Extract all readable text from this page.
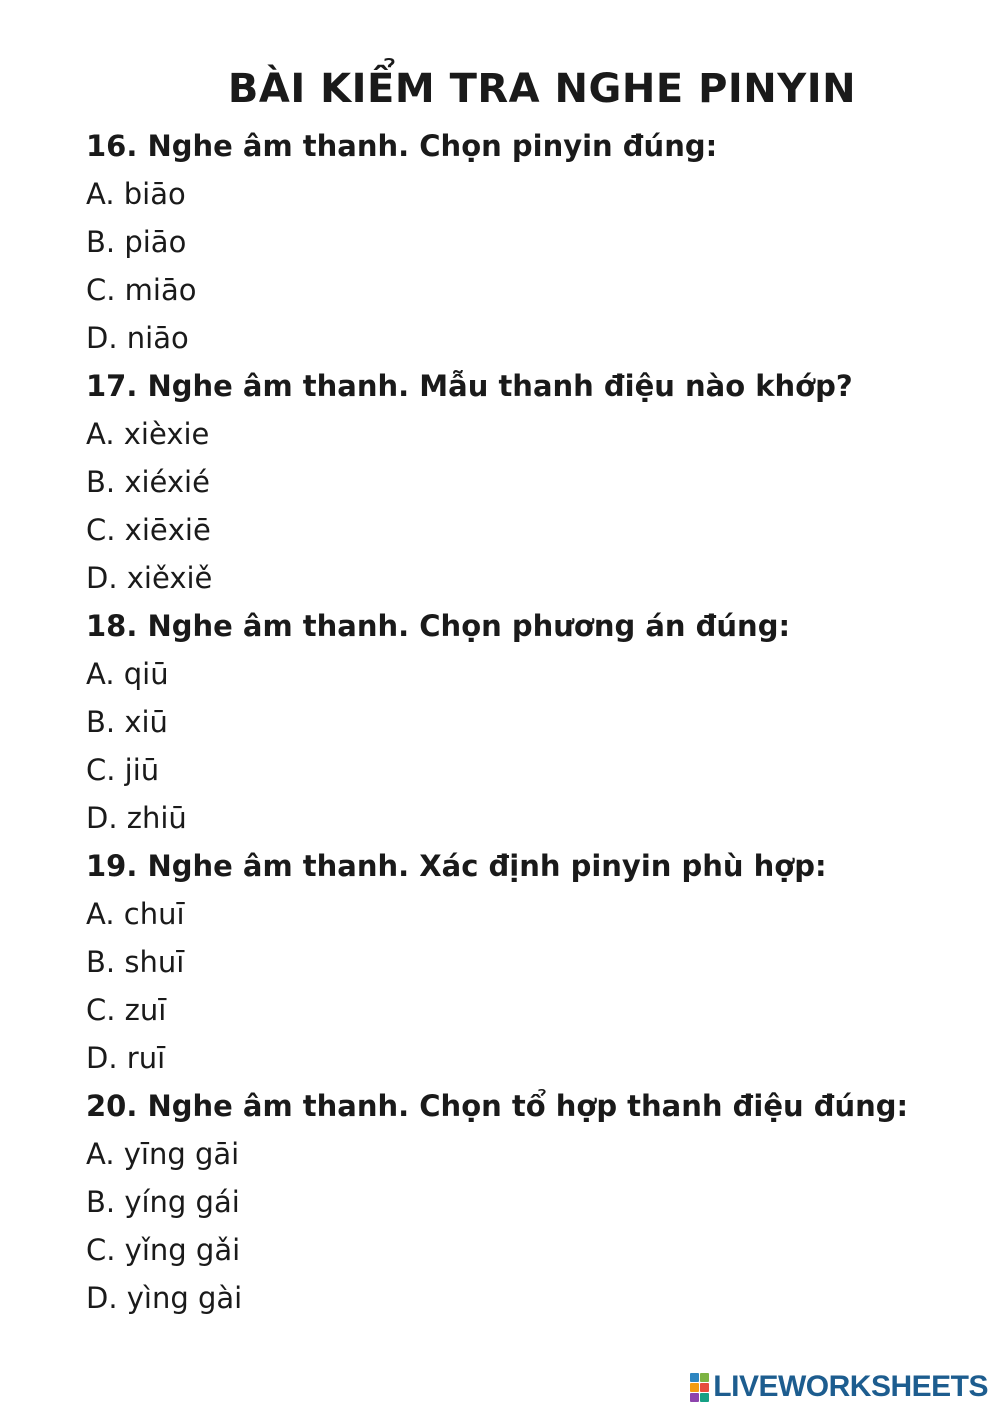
BÀI KIỂM TRA NGHE PINYIN
16. Nghe âm thanh. Chọn pinyin đúng:
A. biāo
B. piāo
C. miāo
D. niāo
17. Nghe âm thanh. Mẫu thanh điệu nào khớp?
A. xièxie
B. xiéxié
C. xiēxiē
D. xiěxiě
18. Nghe âm thanh. Chọn phương án đúng:
A. qiū
B. xiū
C. jiū
D. zhiū
19. Nghe âm thanh. Xác định pinyin phù hợp:
A. chuī
B. shuī
C. zuī
D. ruī
20. Nghe âm thanh. Chọn tổ hợp thanh điệu đúng:
A. yīng gāi
B. yíng gái
C. yǐng gǎi
D. yìng gài
LIVEWORKSHEETS
